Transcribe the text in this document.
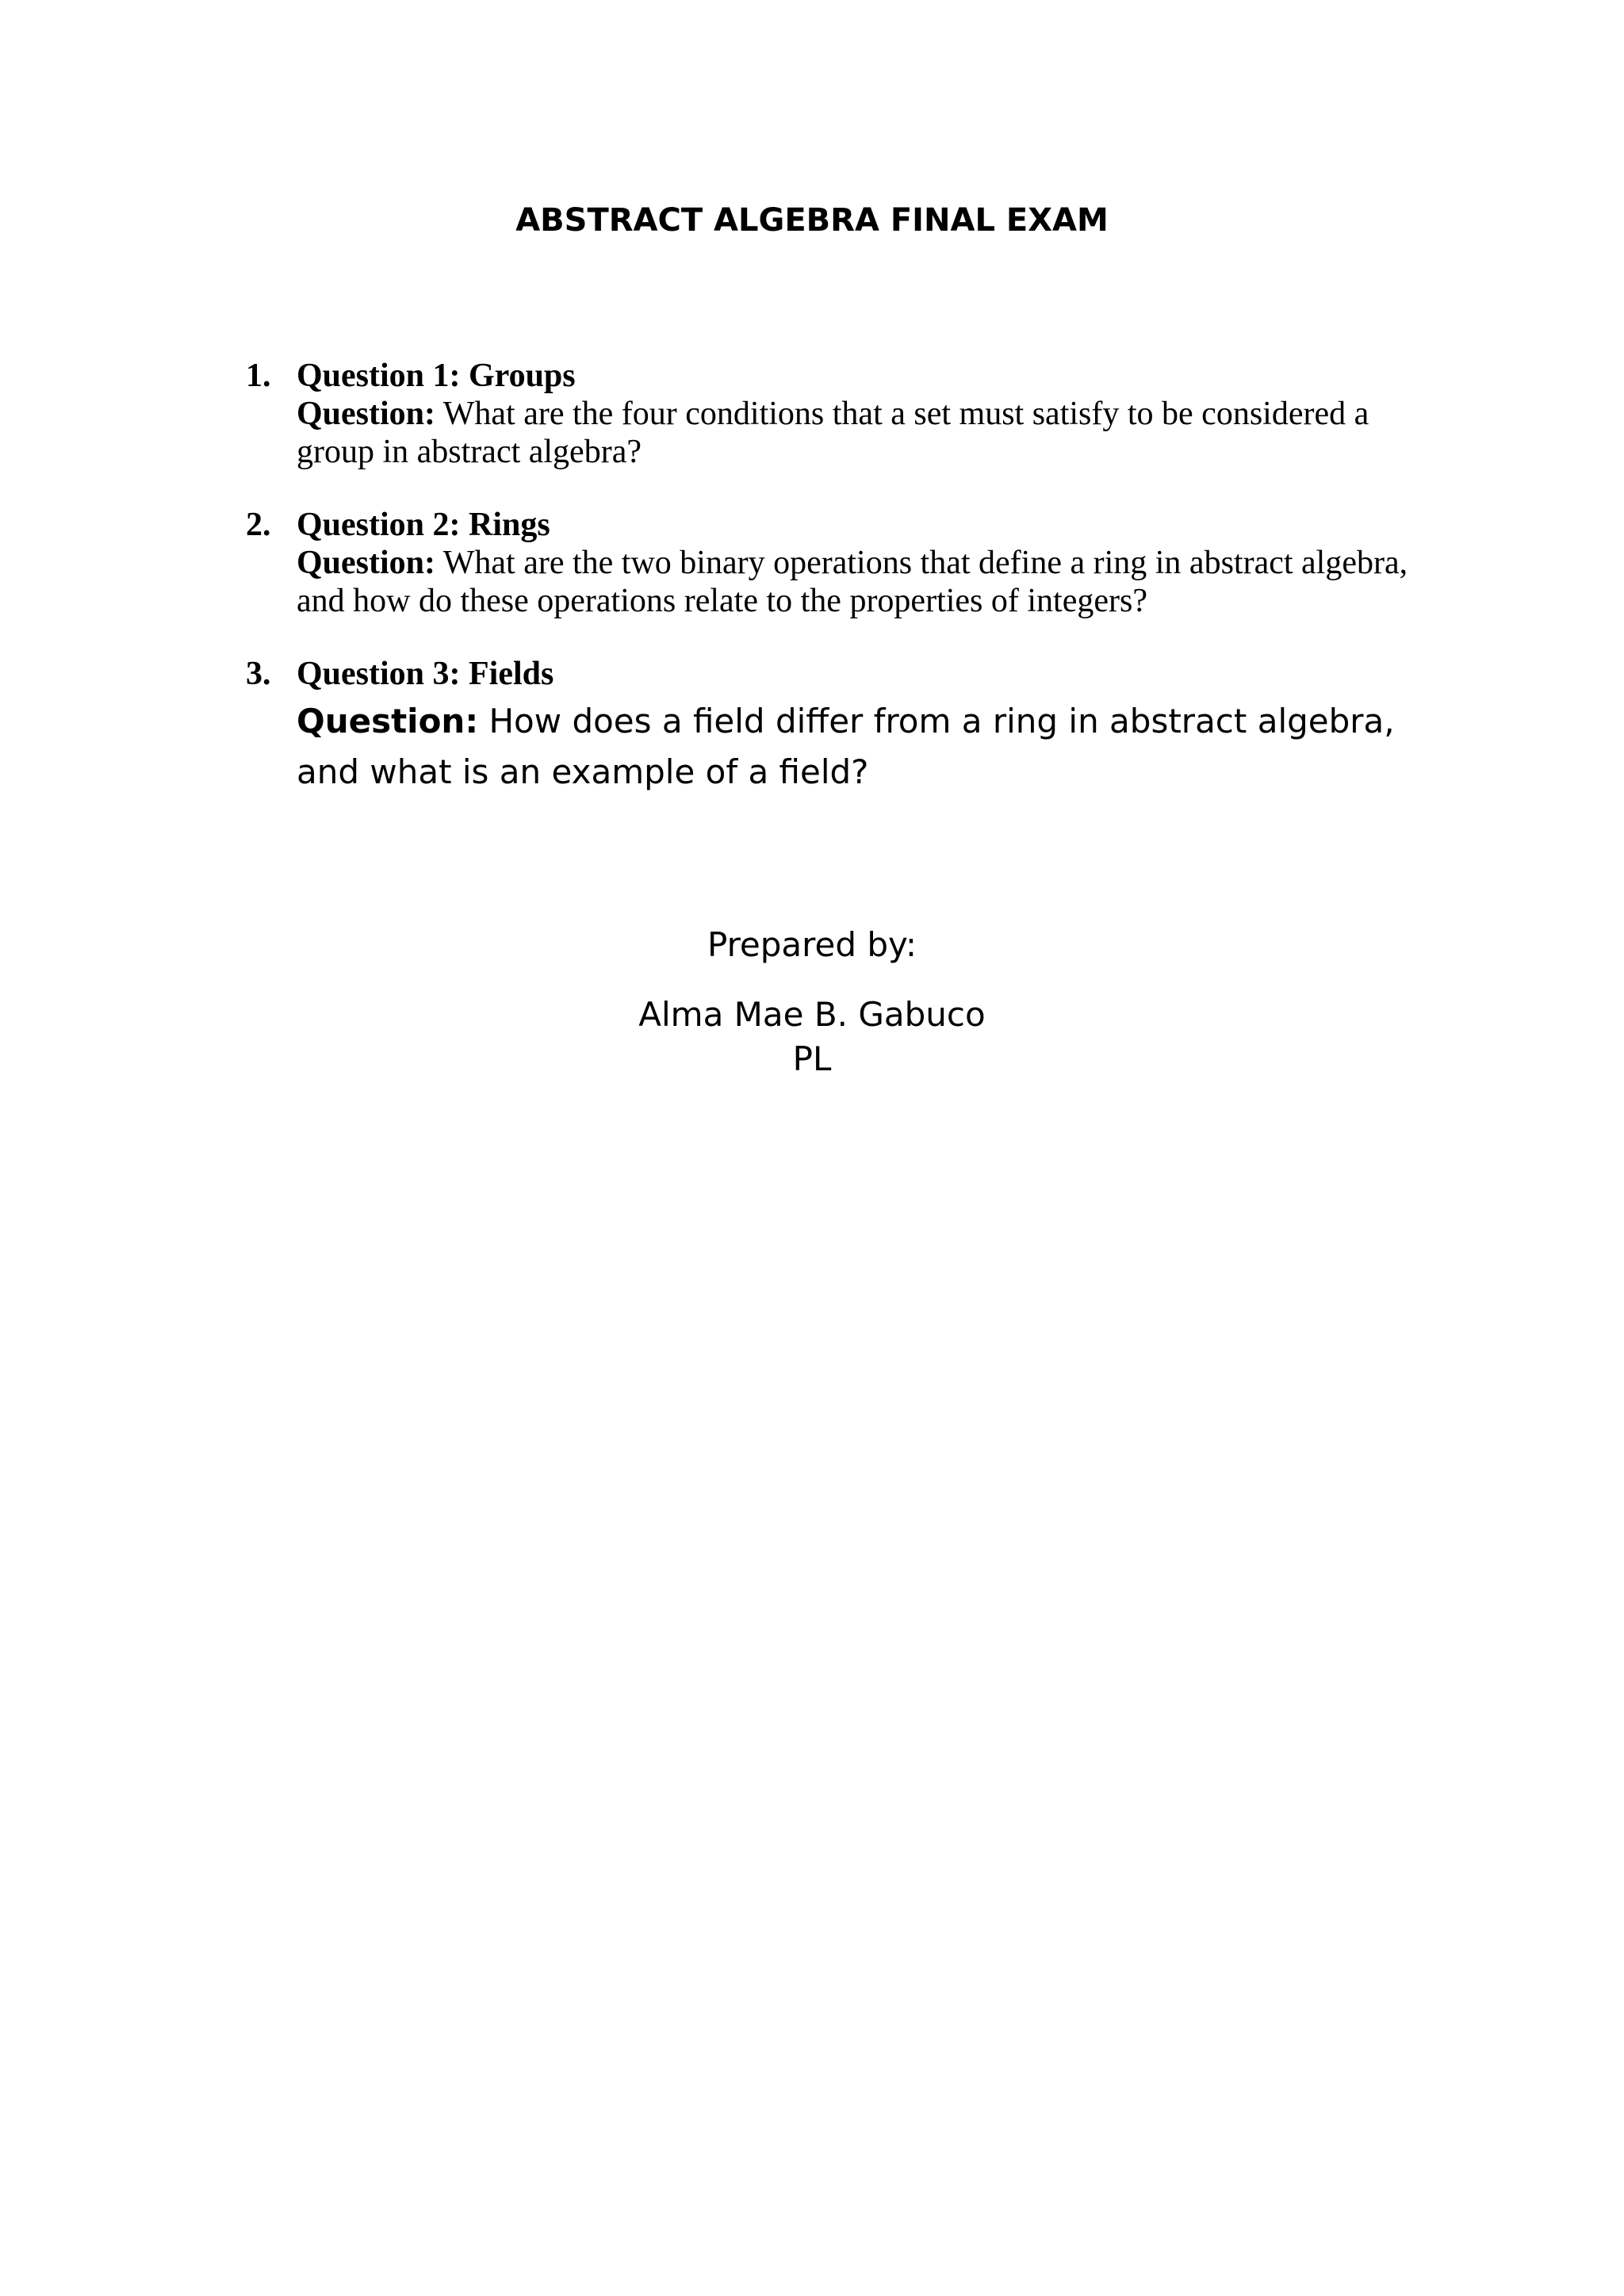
ABSTRACT ALGEBRA FINAL EXAM
1. Question 1: Groups
Question: What are the four conditions that a set must satisfy to be considered a group in abstract algebra?
2. Question 2: Rings
Question: What are the two binary operations that define a ring in abstract algebra, and how do these operations relate to the properties of integers?
3. Question 3: Fields
Question: How does a field differ from a ring in abstract algebra, and what is an example of a field?
Prepared by:
Alma Mae B. Gabuco
PL
